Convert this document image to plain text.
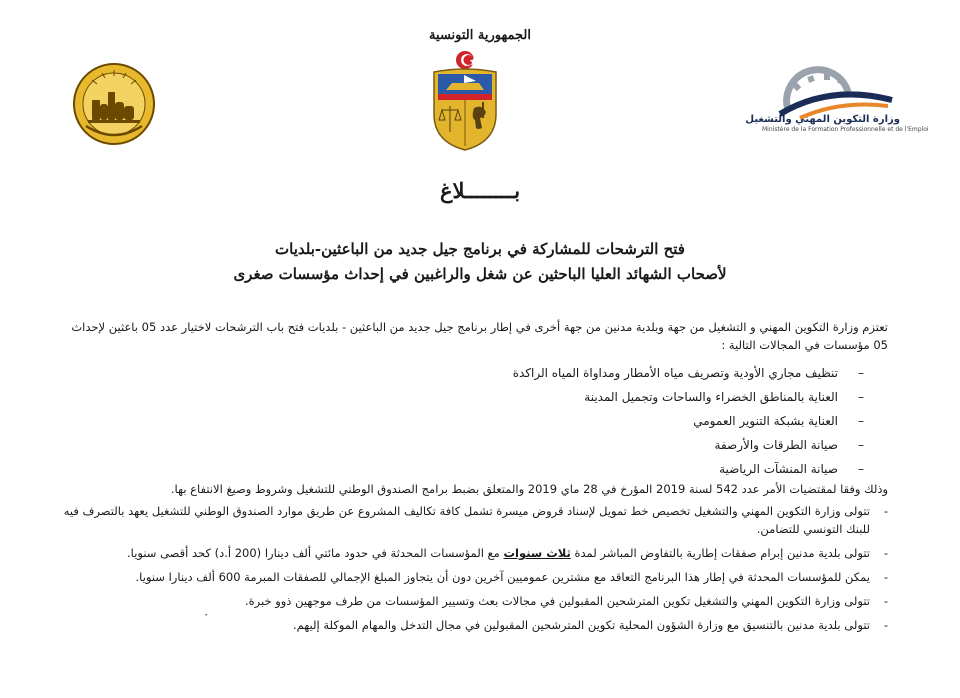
الجمهورية التونسية
وزارة التكوين المهني والتشغيل
Ministère de la Formation Professionnelle et de l'Emploi
بــــــــلاغ
فتح الترشحات للمشاركة في برنامج جيل جديد من الباعثين-بلديات
لأصحاب الشهائد العليا الباحثين عن شغل والراغبين في إحداث مؤسسات صغرى
تعتزم وزارة التكوين المهني و التشغيل من جهة وبلدية مدنين من جهة أخرى في إطار برنامج جيل جديد من الباعثين - بلديات فتح باب الترشحات لاختيار عدد 05 باعثين لإحداث 05 مؤسسات في المجالات التالية :
–
تنظيف مجاري الأودية وتصريف مياه الأمطار ومداواة المياه الراكدة
–
العناية بالمناطق الخضراء والساحات وتجميل المدينة
–
العناية بشبكة التنوير العمومي
–
صيانة الطرقات والأرصفة
–
صيانة المنشآت الرياضية
وذلك وفقا لمقتضيات الأمر عدد 542 لسنة 2019 المؤرخ في 28 ماي 2019 والمتعلق بضبط برامج الصندوق الوطني للتشغيل وشروط وصيغ الانتفاع بها.
-
تتولى وزارة التكوين المهني والتشغيل تخصيص خط تمويل لإسناد قروض ميسرة تشمل كافة تكاليف المشروع عن طريق موارد الصندوق الوطني للتشغيل يعهد بالتصرف فيه للبنك التونسي للتضامن.
-
تتولى بلدية مدنين إبرام صفقات إطارية بالتفاوض المباشر لمدة ثلاث سنوات مع المؤسسات المحدثة في حدود مائتي ألف دينارا (200 أ.د) كحد أقصى سنويا.
-
يمكن للمؤسسات المحدثة في إطار هذا البرنامج التعاقد مع مشترين عموميين آخرين دون أن يتجاوز المبلغ الإجمالي للصفقات المبرمة 600 ألف دينارا سنويا.
-
تتولى وزارة التكوين المهني والتشغيل تكوين المترشحين المقبولين في مجالات بعث وتسيير المؤسسات من طرف موجهين ذوو خبرة.
-
تتولى بلدية مدنين بالتنسيق مع وزارة الشؤون المحلية تكوين المترشحين المقبولين في مجال التدخل والمهام الموكلة إليهم.
